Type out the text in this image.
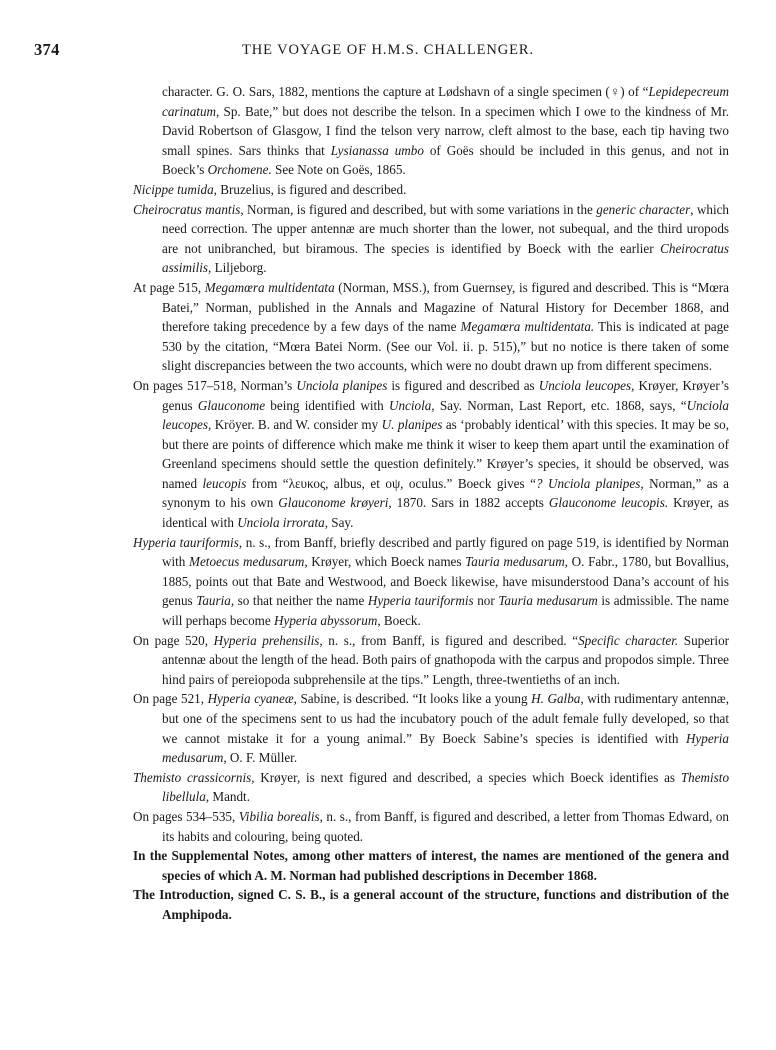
374	THE VOYAGE OF H.M.S. CHALLENGER.

character. G. O. Sars, 1882, mentions the capture at Lødshavn of a single specimen (♀) of “Lepidepecreum carinatum, Sp. Bate,” but does not describe the telson. In a specimen which I owe to the kindness of Mr. David Robertson of Glasgow, I find the telson very narrow, cleft almost to the base, each tip having two small spines. Sars thinks that Lysianassa umbo of Goës should be included in this genus, and not in Boeck’s Orchomene. See Note on Goës, 1865.

Nicippe tumida, Bruzelius, is figured and described.

Cheirocratus mantis, Norman, is figured and described, but with some variations in the generic character, which need correction. The upper antennæ are much shorter than the lower, not subequal, and the third uropods are not unibranched, but biramous. The species is identified by Boeck with the earlier Cheirocratus assimilis, Liljeborg.

At page 515, Megamœra multidentata (Norman, MSS.), from Guernsey, is figured and described. This is “Mœra Batei,” Norman, published in the Annals and Magazine of Natural History for December 1868, and therefore taking precedence by a few days of the name Megamœra multidentata. This is indicated at page 530 by the citation, “Mœra Batei Norm. (See our Vol. ii. p. 515),” but no notice is there taken of some slight discrepancies between the two accounts, which were no doubt drawn up from different specimens.

On pages 517–518, Norman’s Unciola planipes is figured and described as Unciola leucopes, Krøyer, Krøyer’s genus Glauconome being identified with Unciola, Say. Norman, Last Report, etc. 1868, says, “Unciola leucopes, Kröyer. B. and W. consider my U. planipes as ‘probably identical’ with this species. It may be so, but there are points of difference which make me think it wiser to keep them apart until the examination of Greenland specimens should settle the question definitely.” Krøyer’s species, it should be observed, was named leucopis from “λευκος, albus, et οψ, oculus.” Boeck gives “? Unciola planipes, Norman,” as a synonym to his own Glauconome krøyeri, 1870. Sars in 1882 accepts Glauconome leucopis. Krøyer, as identical with Unciola irrorata, Say.

Hyperia tauriformis, n. s., from Banff, briefly described and partly figured on page 519, is identified by Norman with Metoecus medusarum, Krøyer, which Boeck names Tauria medusarum, O. Fabr., 1780, but Bovallius, 1885, points out that Bate and Westwood, and Boeck likewise, have misunderstood Dana’s account of his genus Tauria, so that neither the name Hyperia tauriformis nor Tauria medusarum is admissible. The name will perhaps become Hyperia abyssorum, Boeck.

On page 520, Hyperia prehensilis, n. s., from Banff, is figured and described. “Specific character. Superior antennæ about the length of the head. Both pairs of gnathopoda with the carpus and propodos simple. Three hind pairs of pereiopoda subprehensile at the tips.” Length, three-twentieths of an inch.

On page 521, Hyperia cyaneæ, Sabine, is described. “It looks like a young H. Galba, with rudimentary antennæ, but one of the specimens sent to us had the incubatory pouch of the adult female fully developed, so that we cannot mistake it for a young animal.” By Boeck Sabine’s species is identified with Hyperia medusarum, O. F. Müller.

Themisto crassicornis, Krøyer, is next figured and described, a species which Boeck identifies as Themisto libellula, Mandt.

On pages 534–535, Vibilia borealis, n. s., from Banff, is figured and described, a letter from Thomas Edward, on its habits and colouring, being quoted.

In the Supplemental Notes, among other matters of interest, the names are mentioned of the genera and species of which A. M. Norman had published descriptions in December 1868.

The Introduction, signed C. S. B., is a general account of the structure, functions and distribution of the Amphipoda.
